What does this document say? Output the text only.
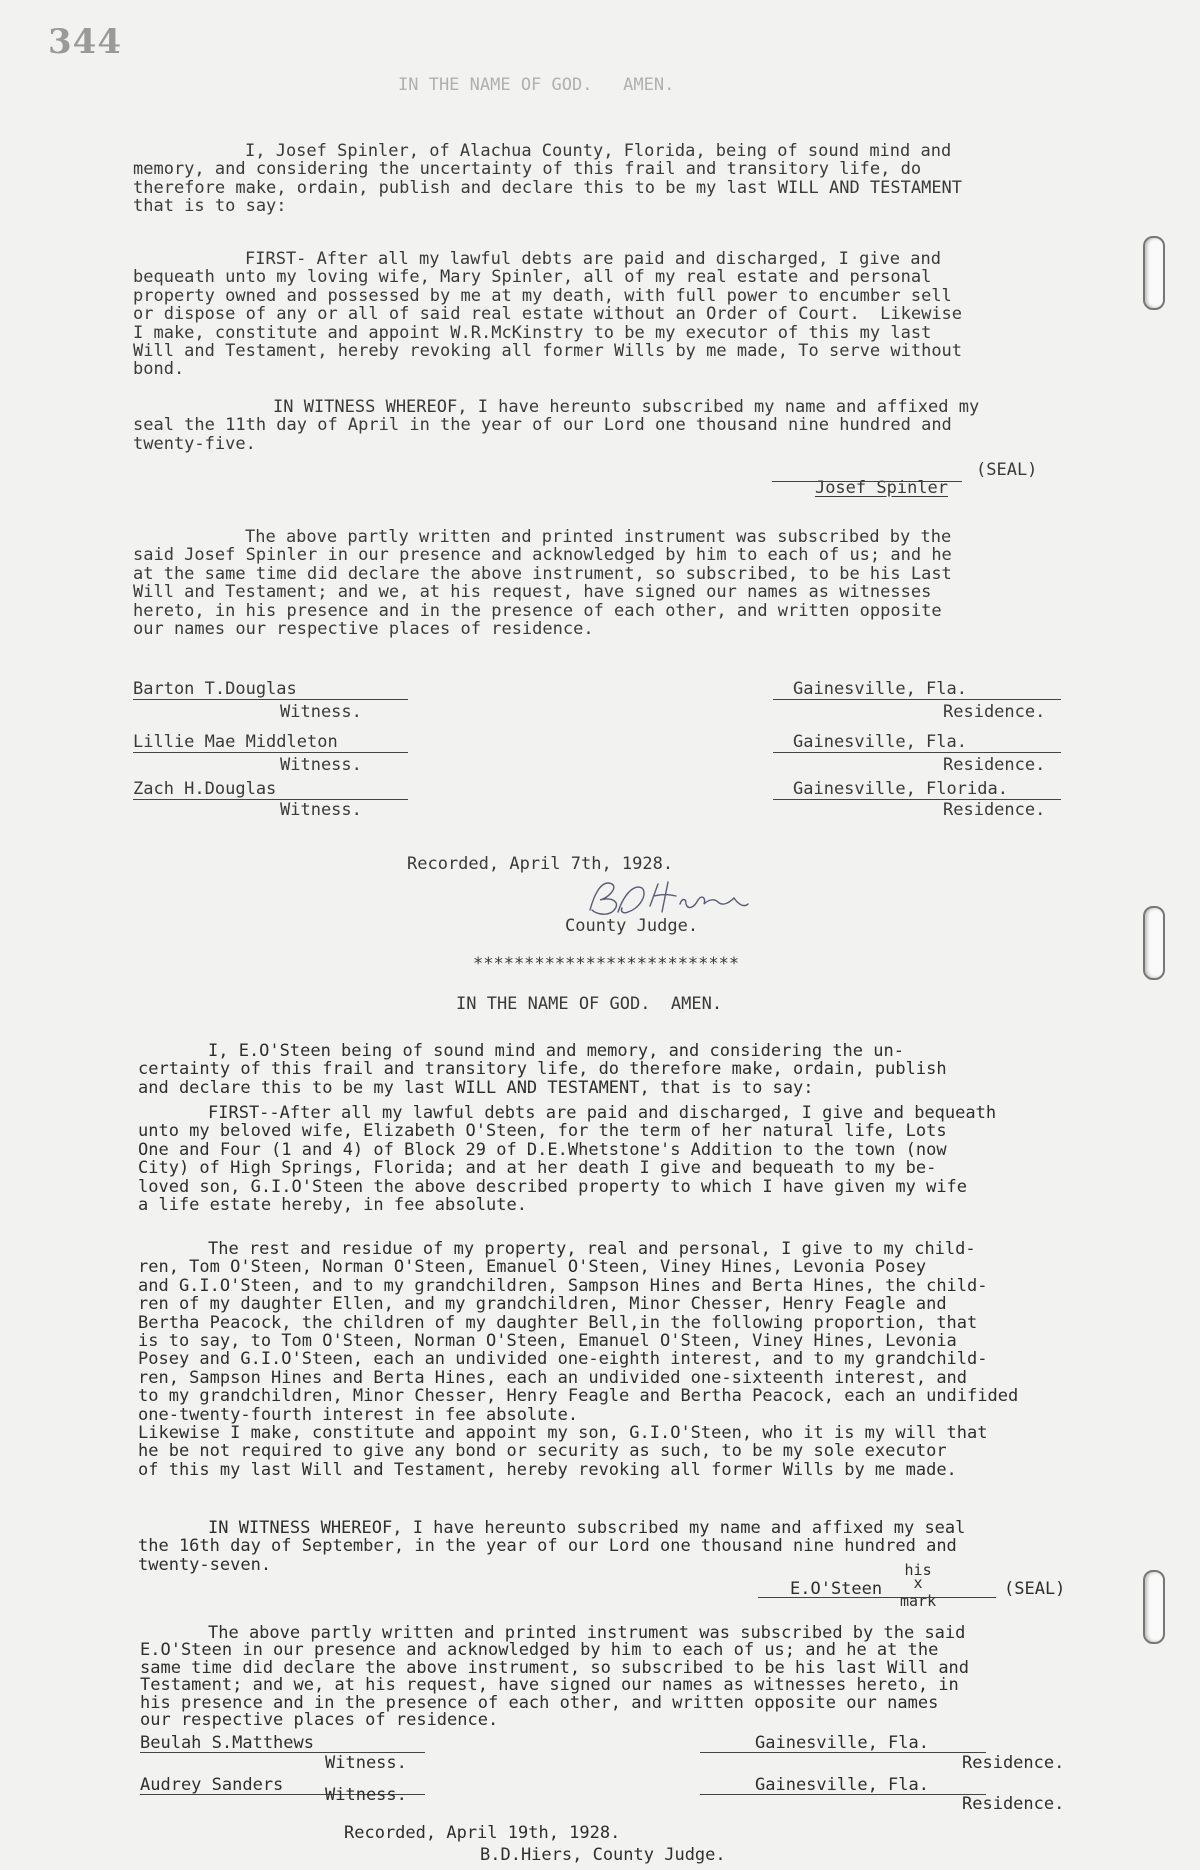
344
IN THE NAME OF GOD.   AMEN.
I, Josef Spinler, of Alachua County, Florida, being of sound mind and
memory, and considering the uncertainty of this frail and transitory life, do
therefore make, ordain, publish and declare this to be my last WILL AND TESTAMENT
that is to say:
FIRST- After all my lawful debts are paid and discharged, I give and
bequeath unto my loving wife, Mary Spinler, all of my real estate and personal
property owned and possessed by me at my death, with full power to encumber sell
or dispose of any or all of said real estate without an Order of Court.  Likewise
I make, constitute and appoint W.R.McKinstry to be my executor of this my last
Will and Testament, hereby revoking all former Wills by me made, To serve without
bond.
IN WITNESS WHEREOF, I have hereunto subscribed my name and affixed my
seal the 11th day of April in the year of our Lord one thousand nine hundred and
twenty-five.

Josef Spinler

(SEAL)
The above partly written and printed instrument was subscribed by the
said Josef Spinler in our presence and acknowledged by him to each of us; and he
at the same time did declare the above instrument, so subscribed, to be his Last
Will and Testament; and we, at his request, have signed our names as witnesses
hereto, in his presence and in the presence of each other, and written opposite
our names our respective places of residence.
Barton T.Douglas
Witness.
Gainesville, Fla.
Residence.
Lillie Mae Middleton
Witness.
Gainesville, Fla.
Residence.
Zach H.Douglas
Witness.
Gainesville, Florida.
Residence.
Recorded, April 7th, 1928.
County Judge.
**************************
IN THE NAME OF GOD.  AMEN.
I, E.O'Steen being of sound mind and memory, and considering the un-
certainty of this frail and transitory life, do therefore make, ordain, publish
and declare this to be my last WILL AND TESTAMENT, that is to say:
FIRST--After all my lawful debts are paid and discharged, I give and bequeath
unto my beloved wife, Elizabeth O'Steen, for the term of her natural life, Lots
One and Four (1 and 4) of Block 29 of D.E.Whetstone's Addition to the town (now
City) of High Springs, Florida; and at her death I give and bequeath to my be-
loved son, G.I.O'Steen the above described property to which I have given my wife
a life estate hereby, in fee absolute.
The rest and residue of my property, real and personal, I give to my child-
ren, Tom O'Steen, Norman O'Steen, Emanuel O'Steen, Viney Hines, Levonia Posey
and G.I.O'Steen, and to my grandchildren, Sampson Hines and Berta Hines, the child-
ren of my daughter Ellen, and my grandchildren, Minor Chesser, Henry Feagle and
Bertha Peacock, the children of my daughter Bell,in the following proportion, that
is to say, to Tom O'Steen, Norman O'Steen, Emanuel O'Steen, Viney Hines, Levonia
Posey and G.I.O'Steen, each an undivided one-eighth interest, and to my grandchild-
ren, Sampson Hines and Berta Hines, each an undivided one-sixteenth interest, and
to my grandchildren, Minor Chesser, Henry Feagle and Bertha Peacock, each an undifided
one-twenty-fourth interest in fee absolute.
Likewise I make, constitute and appoint my son, G.I.O'Steen, who it is my will that
he be not required to give any bond or security as such, to be my sole executor
of this my last Will and Testament, hereby revoking all former Wills by me made.
IN WITNESS WHEREOF, I have hereunto subscribed my name and affixed my seal
the 16th day of September, in the year of our Lord one thousand nine hundred and
twenty-seven.
E.O'Steen
his
x
mark
(SEAL)
The above partly written and printed instrument was subscribed by the said
E.O'Steen in our presence and acknowledged by him to each of us; and he at the
same time did declare the above instrument, so subscribed to be his last Will and
Testament; and we, at his request, have signed our names as witnesses hereto, in
his presence and in the presence of each other, and written opposite our names
our respective places of residence.
Beulah S.Matthews
Witness.
Gainesville, Fla.
Residence.
Audrey Sanders Witness.	Gainesville, Fla.
Residence.
Recorded, April 19th, 1928.
B.D.Hiers, County Judge.
